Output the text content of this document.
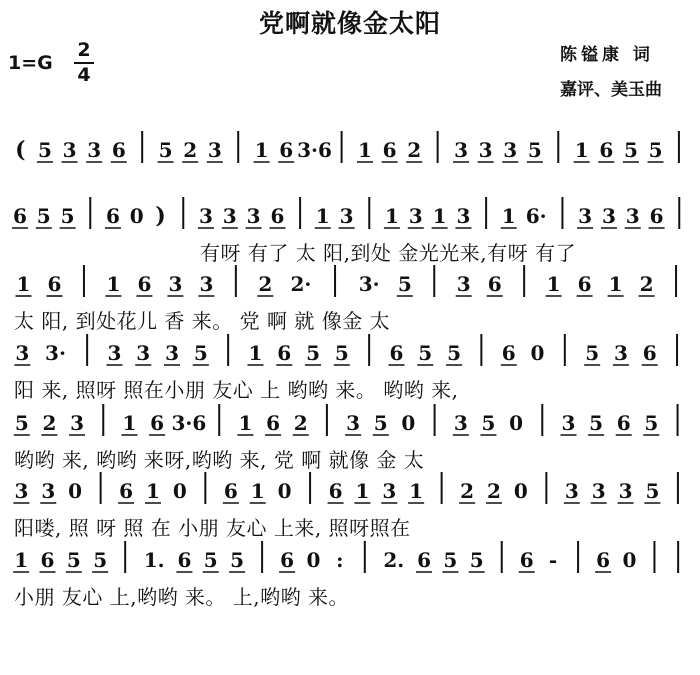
党啊就像金太阳
1=G
2
4
陈镒康 词
嘉评、美玉曲
( 5 3 3 6 5 2 3 1 6 3·6 1 6 2 3 3 3 5 1 6 5 5
6 5 5 6 0 ) 3 3 3 6 1 3 1 3 1 3 1 6· 3 3 3 6
1 6 1 6 3 3 2 2· 3· 5 3 6 1 6 1 2
3 3· 3 3 3 5 1 6 5 5 6 5 5 6 0 5 3 6
5 2 3 1 6 3·6 1 6 2 3 5 0 3 5 0 3 5 6 5
3 3 0 6 1 0 6 1 0 6 1 3 1 2 2 0 3 3 3 5
1 6 5 5 1. 6 5 5 6 0 : 2. 6 5 5 6 - 6 0
有呀 有了 太 阳,到处 金光光来,有呀 有了
太 阳, 到处花儿 香 来。 党 啊 就 像金 太
阳 来, 照呀 照在小朋 友心 上 哟哟 来。 哟哟 来,
哟哟 来, 哟哟 来呀,哟哟 来, 党 啊 就像 金 太
阳喽, 照 呀 照 在 小朋 友心 上来, 照呀照在
小朋 友心 上,哟哟 来。 上,哟哟 来。
